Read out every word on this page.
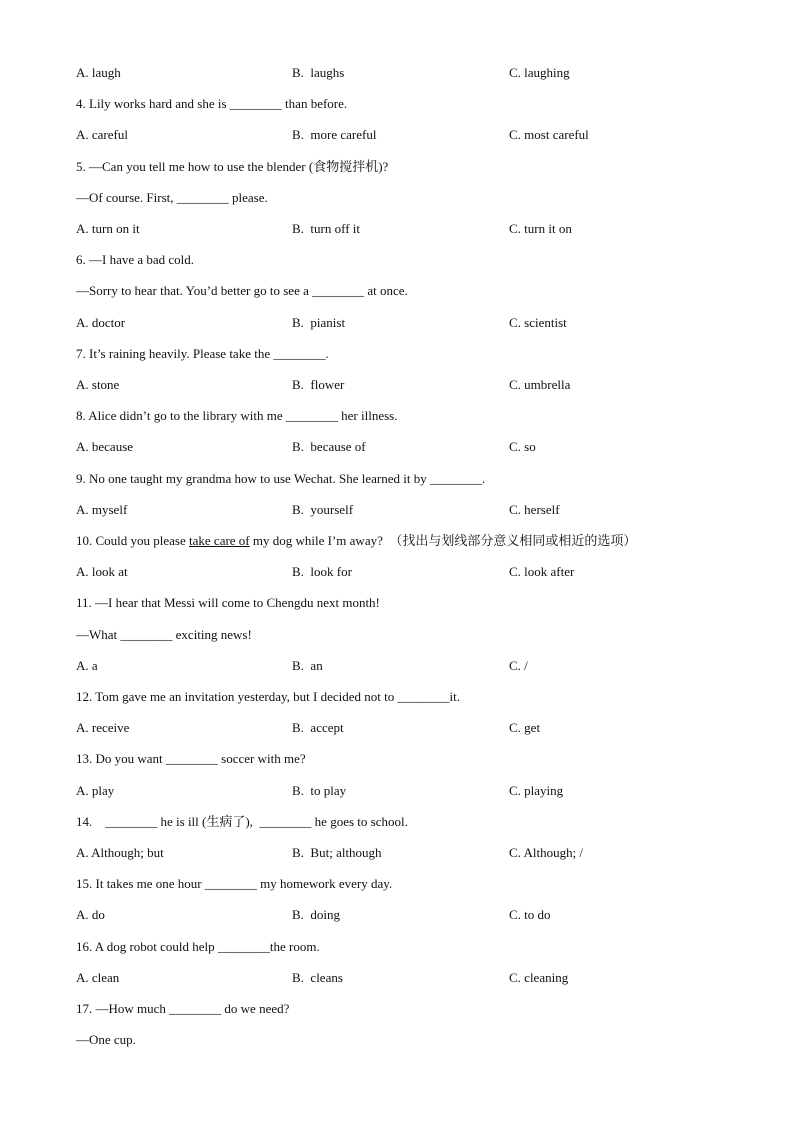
A. laugh	B.  laughs	C. laughing
4. Lily works hard and she is ________ than before.
A. careful	B.  more careful	C. most careful
5. —Can you tell me how to use the blender (食物搅拌机)?
—Of course. First, ________ please.
A. turn on it	B.  turn off it	C. turn it on
6. —I have a bad cold.
—Sorry to hear that. You’d better go to see a ________ at once.
A. doctor	B.  pianist	C. scientist
7. It’s raining heavily. Please take the ________.
A. stone	B.  flower	C. umbrella
8. Alice didn’t go to the library with me ________ her illness.
A. because	B.  because of	C. so
9. No one taught my grandma how to use Wechat. She learned it by ________.
A. myself	B.  yourself	C. herself
10. Could you please take care of my dog while I’m away?  （找出与划线部分意义相同或相近的选项）
A. look at	B.  look for	C. look after
11. —I hear that Messi will come to Chengdu next month!
—What ________ exciting news!
A. a	B.  an	C. /
12. Tom gave me an invitation yesterday, but I decided not to ________it.
A. receive	B.  accept	C. get
13. Do you want ________ soccer with me?
A. play	B.  to play	C. playing
14.    ________ he is ill (生病了),  ________ he goes to school.
A. Although; but	B.  But; although	C. Although; /
15. It takes me one hour ________ my homework every day.
A. do	B.  doing	C. to do
16. A dog robot could help ________the room.
A. clean	B.  cleans	C. cleaning
17. —How much ________ do we need?
—One cup.
